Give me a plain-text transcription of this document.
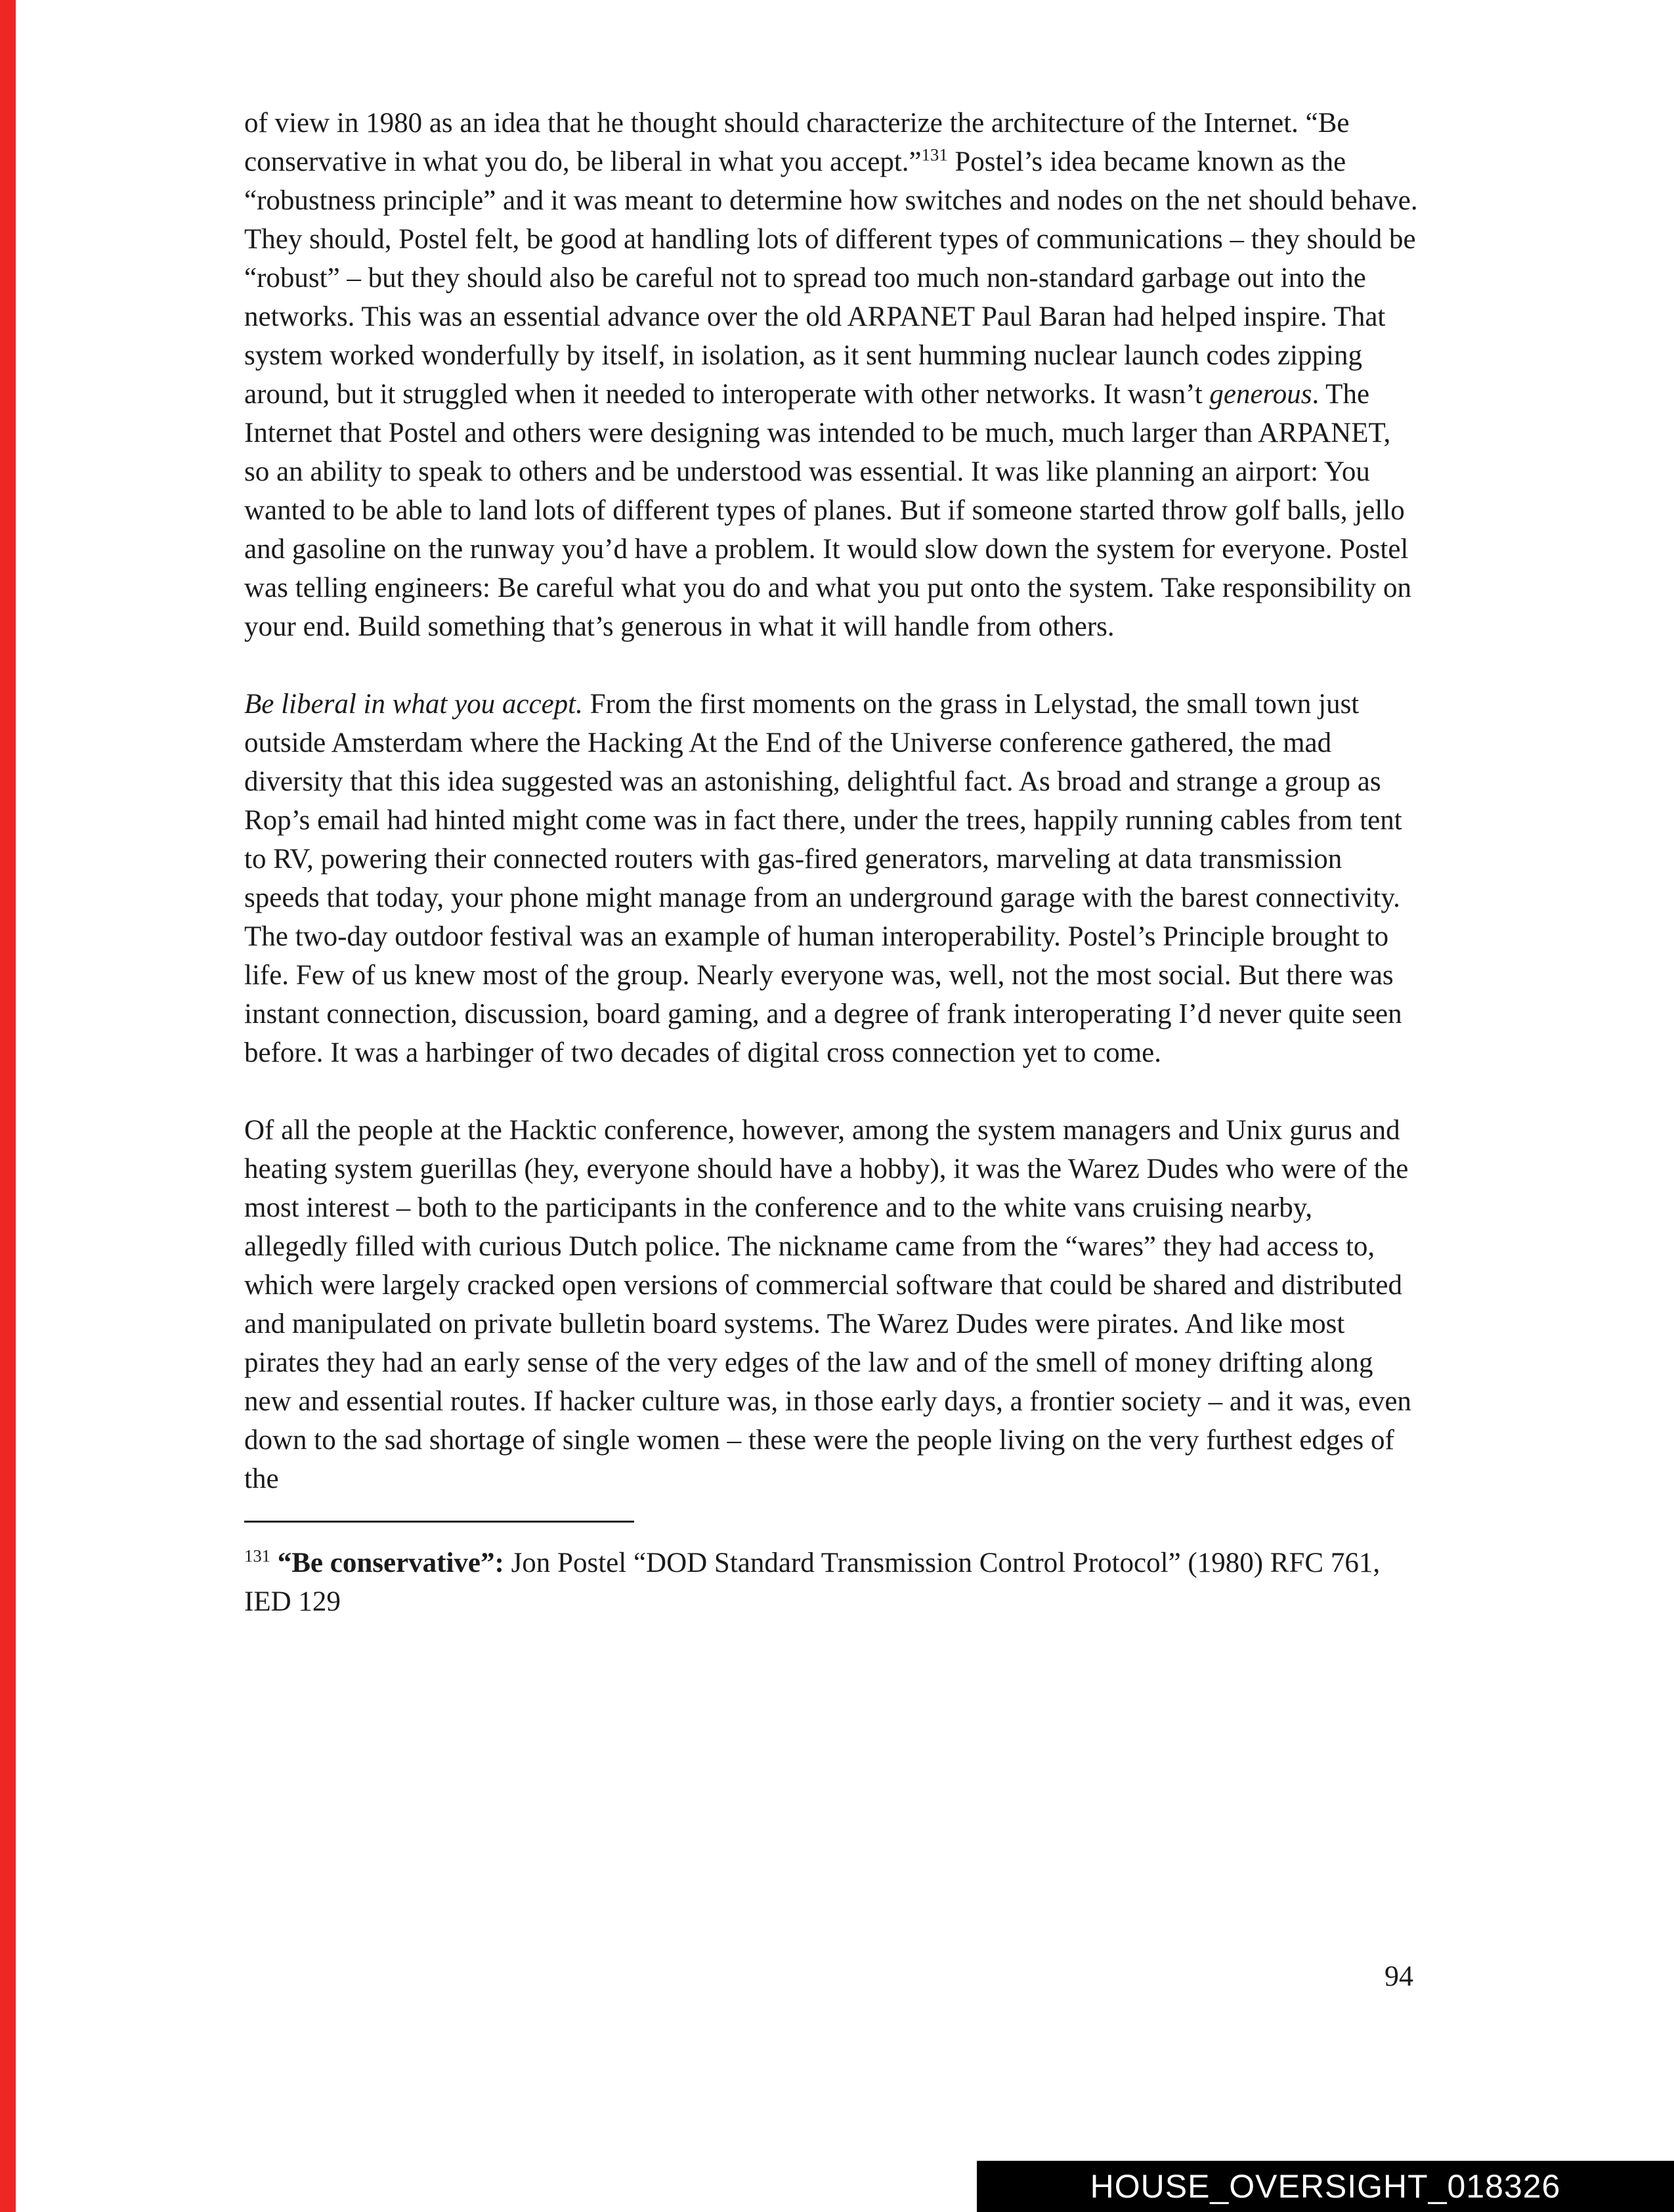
of view in 1980 as an idea that he thought should characterize the architecture of the Internet. “Be conservative in what you do, be liberal in what you accept.”$^{131}$ Postel’s idea became known as the “robustness principle” and it was meant to determine how switches and nodes on the net should behave. They should, Postel felt, be good at handling lots of different types of communications – they should be “robust” – but they should also be careful not to spread too much non-standard garbage out into the networks. This was an essential advance over the old ARPANET Paul Baran had helped inspire. That system worked wonderfully by itself, in isolation, as it sent humming nuclear launch codes zipping around, but it struggled when it needed to interoperate with other networks. It wasn’t generous. The Internet that Postel and others were designing was intended to be much, much larger than ARPANET, so an ability to speak to others and be understood was essential. It was like planning an airport: You wanted to be able to land lots of different types of planes. But if someone started throw golf balls, jello and gasoline on the runway you’d have a problem. It would slow down the system for everyone. Postel was telling engineers: Be careful what you do and what you put onto the system. Take responsibility on your end. Build something that’s generous in what it will handle from others.

Be liberal in what you accept. From the first moments on the grass in Lelystad, the small town just outside Amsterdam where the Hacking At the End of the Universe conference gathered, the mad diversity that this idea suggested was an astonishing, delightful fact. As broad and strange a group as Rop’s email had hinted might come was in fact there, under the trees, happily running cables from tent to RV, powering their connected routers with gas-fired generators, marveling at data transmission speeds that today, your phone might manage from an underground garage with the barest connectivity. The two-day outdoor festival was an example of human interoperability. Postel’s Principle brought to life. Few of us knew most of the group. Nearly everyone was, well, not the most social. But there was instant connection, discussion, board gaming, and a degree of frank interoperating I’d never quite seen before. It was a harbinger of two decades of digital cross connection yet to come.

Of all the people at the Hacktic conference, however, among the system managers and Unix gurus and heating system guerillas (hey, everyone should have a hobby), it was the Warez Dudes who were of the most interest – both to the participants in the conference and to the white vans cruising nearby, allegedly filled with curious Dutch police. The nickname came from the “wares” they had access to, which were largely cracked open versions of commercial software that could be shared and distributed and manipulated on private bulletin board systems. The Warez Dudes were pirates. And like most pirates they had an early sense of the very edges of the law and of the smell of money drifting along new and essential routes. If hacker culture was, in those early days, a frontier society – and it was, even down to the sad shortage of single women – these were the people living on the very furthest edges of the

$^{131}$ “Be conservative”: Jon Postel “DOD Standard Transmission Control Protocol” (1980) RFC 761, IED 129
94
HOUSE_OVERSIGHT_018326
